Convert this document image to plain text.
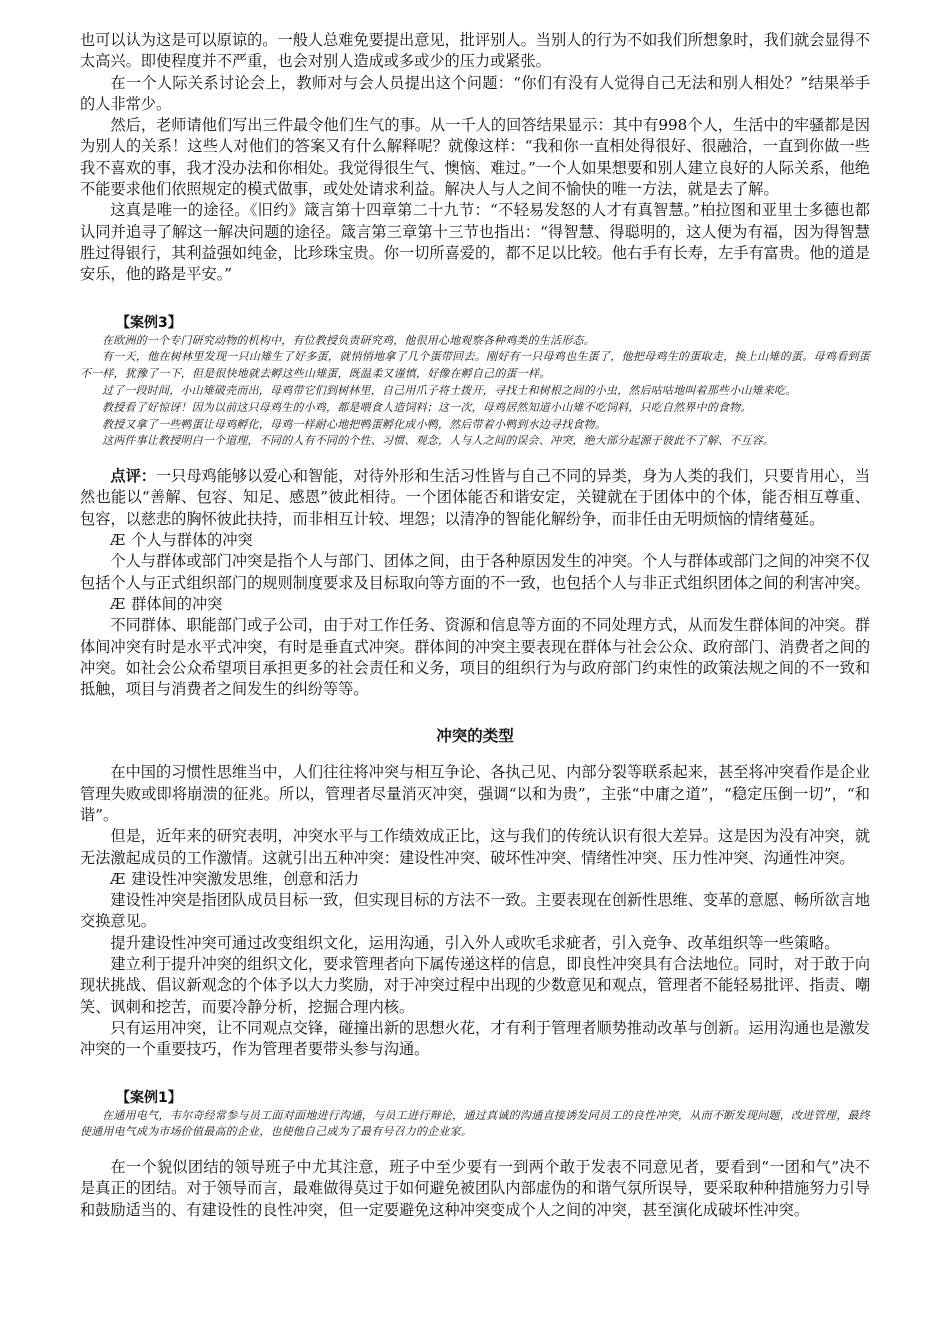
也可以认为这是可以原谅的。一般人总难免要提出意见，批评别人。当别人的行为不如我们所想象时，我们就会显得不太高兴。即使程度并不严重，也会对别人造成或多或少的压力或紧张。

在一个人际关系讨论会上，教师对与会人员提出这个问题：“你们有没有人觉得自己无法和别人相处？”结果举手的人非常少。

然后，老师请他们写出三件最令他们生气的事。从一千人的回答结果显示：其中有998个人，生活中的牢骚都是因为别人的关系！这些人对他们的答案又有什么解释呢？就像这样：“我和你一直相处得很好、很融洽，一直到你做一些我不喜欢的事，我才没办法和你相处。我觉得很生气、懊恼、难过。”一个人如果想要和别人建立良好的人际关系，他绝不能要求他们依照规定的模式做事，或处处请求利益。解决人与人之间不愉快的唯一方法，就是去了解。

这真是唯一的途径。《旧约》箴言第十四章第二十九节：“不轻易发怒的人才有真智慧。”柏拉图和亚里士多德也都认同并追寻了解这一解决问题的途径。箴言第三章第十三节也指出：“得智慧、得聪明的，这人便为有福，因为得智慧胜过得银行，其利益强如纯金，比珍珠宝贵。你一切所喜爱的，都不足以比较。他右手有长寿，左手有富贵。他的道是安乐，他的路是平安。”

【案例3】

在欧洲的一个专门研究动物的机构中，有位教授负责研究鸡，他很用心地观察各种鸡类的生活形态。

有一天，他在树林里发现一只山雉生了好多蛋，就悄悄地拿了几个蛋带回去。刚好有一只母鸡也生蛋了，他把母鸡生的蛋取走，换上山雉的蛋。母鸡看到蛋不一样，犹豫了一下，但是很快地就去孵这些山雉蛋，既温柔又谨慎，好像在孵自己的蛋一样。

过了一段时间，小山雉破壳而出，母鸡带它们到树林里，自己用爪子将土拨开，寻找土和树根之间的小虫，然后咕咕地叫着那些小山雉来吃。

教授看了好惊讶！因为以前这只母鸡生的小鸡，都是喂食人造饲料；这一次，母鸡居然知道小山雉不吃饲料，只吃自然界中的食物。

教授又拿了一些鸭蛋让母鸡孵化，母鸡一样耐心地把鸭蛋孵化成小鸭，然后带着小鸭到水边寻找食物。

这两件事让教授明白一个道理，不同的人有不同的个性、习惯、观念，人与人之间的误会、冲突，绝大部分起源于彼此不了解、不互容。

点评：一只母鸡能够以爱心和智能，对待外形和生活习性皆与自己不同的异类，身为人类的我们，只要肯用心，当然也能以“善解、包容、知足、感恩”彼此相待。一个团体能否和谐安定，关键就在于团体中的个体，能否相互尊重、包容，以慈悲的胸怀彼此扶持，而非相互计较、埋怨；以清净的智能化解纷争，而非任由无明烦恼的情绪蔓延。

Æ 个人与群体的冲突

个人与群体或部门冲突是指个人与部门、团体之间，由于各种原因发生的冲突。个人与群体或部门之间的冲突不仅包括个人与正式组织部门的规则制度要求及目标取向等方面的不一致，也包括个人与非正式组织团体之间的利害冲突。

Æ 群体间的冲突

不同群体、职能部门或子公司，由于对工作任务、资源和信息等方面的不同处理方式，从而发生群体间的冲突。群体间冲突有时是水平式冲突，有时是垂直式冲突。群体间的冲突主要表现在群体与社会公众、政府部门、消费者之间的冲突。如社会公众希望项目承担更多的社会责任和义务，项目的组织行为与政府部门约束性的政策法规之间的不一致和抵触，项目与消费者之间发生的纠纷等等。

冲突的类型

在中国的习惯性思维当中，人们往往将冲突与相互争论、各执己见、内部分裂等联系起来，甚至将冲突看作是企业管理失败或即将崩溃的征兆。所以，管理者尽量消灭冲突，强调“以和为贵”，主张“中庸之道”，“稳定压倒一切”，“和谐”。

但是，近年来的研究表明，冲突水平与工作绩效成正比，这与我们的传统认识有很大差异。这是因为没有冲突，就无法激起成员的工作激情。这就引出五种冲突：建设性冲突、破坏性冲突、情绪性冲突、压力性冲突、沟通性冲突。

Æ 建设性冲突激发思维，创意和活力

建设性冲突是指团队成员目标一致，但实现目标的方法不一致。主要表现在创新性思维、变革的意愿、畅所欲言地交换意见。

提升建设性冲突可通过改变组织文化，运用沟通，引入外人或吹毛求疵者，引入竞争、改革组织等一些策略。

建立利于提升冲突的组织文化，要求管理者向下属传递这样的信息，即良性冲突具有合法地位。同时，对于敢于向现状挑战、倡议新观念的个体予以大力奖励，对于冲突过程中出现的少数意见和观点，管理者不能轻易批评、指责、嘲笑、讽刺和挖苦，而要冷静分析，挖掘合理内核。

只有运用冲突，让不同观点交锋，碰撞出新的思想火花，才有利于管理者顺势推动改革与创新。运用沟通也是激发冲突的一个重要技巧，作为管理者要带头参与沟通。

【案例1】

在通用电气，韦尔奇经常参与员工面对面地进行沟通，与员工进行辩论，通过真诚的沟通直接诱发同员工的良性冲突，从而不断发现问题，改进管理，最终使通用电气成为市场价值最高的企业，也使他自己成为了最有号召力的企业家。

在一个貌似团结的领导班子中尤其注意，班子中至少要有一到两个敢于发表不同意见者，要看到“一团和气”决不是真正的团结。对于领导而言，最难做得莫过于如何避免被团队内部虚伪的和谐气氛所误导，要采取种种措施努力引导和鼓励适当的、有建设性的良性冲突，但一定要避免这种冲突变成个人之间的冲突，甚至演化成破坏性冲突。
